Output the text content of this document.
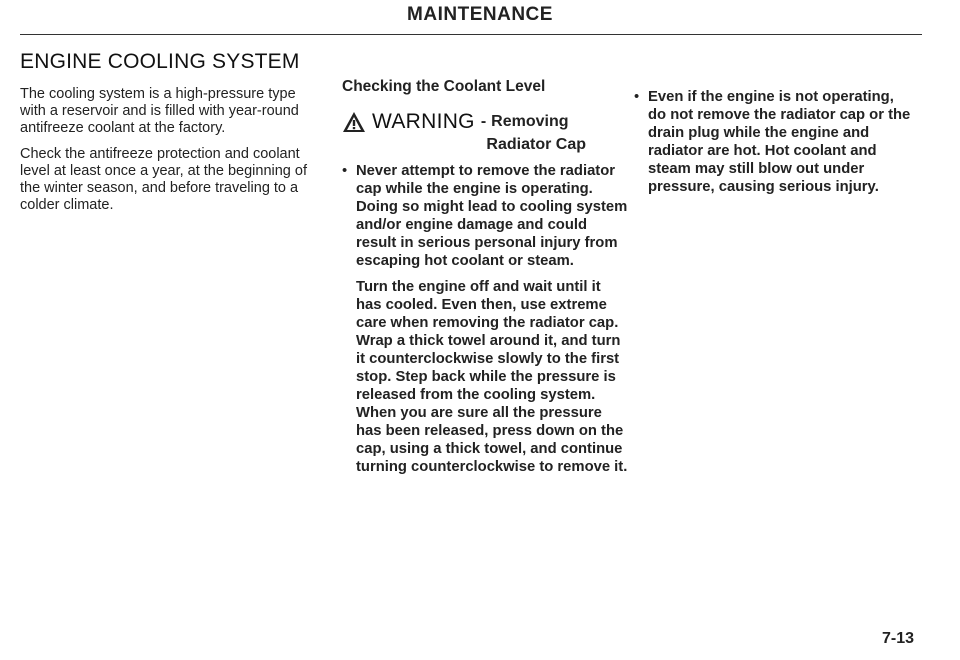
MAINTENANCE
ENGINE COOLING SYSTEM

The cooling system is a high-pressure type with a reservoir and is filled with year-round antifreeze coolant at the factory.

Check the antifreeze protection and coolant level at least once a year, at the beginning of the winter season, and before traveling to a colder climate.

Checking the Coolant Level
WARNING - Removing
Radiator Cap
• Never attempt to remove the radiator cap while the engine is operating. Doing so might lead to cooling system and/or engine damage and could result in serious personal injury from escaping hot coolant or steam.

Turn the engine off and wait until it has cooled. Even then, use extreme care when removing the radiator cap. Wrap a thick towel around it, and turn it counterclockwise slowly to the first stop. Step back while the pressure is released from the cooling system. When you are sure all the pressure has been released, press down on the cap, using a thick towel, and continue turning counterclockwise to remove it.

• Even if the engine is not operating, do not remove the radiator cap or the drain plug while the engine and radiator are hot. Hot coolant and steam may still blow out under pressure, causing serious injury.
7-13
